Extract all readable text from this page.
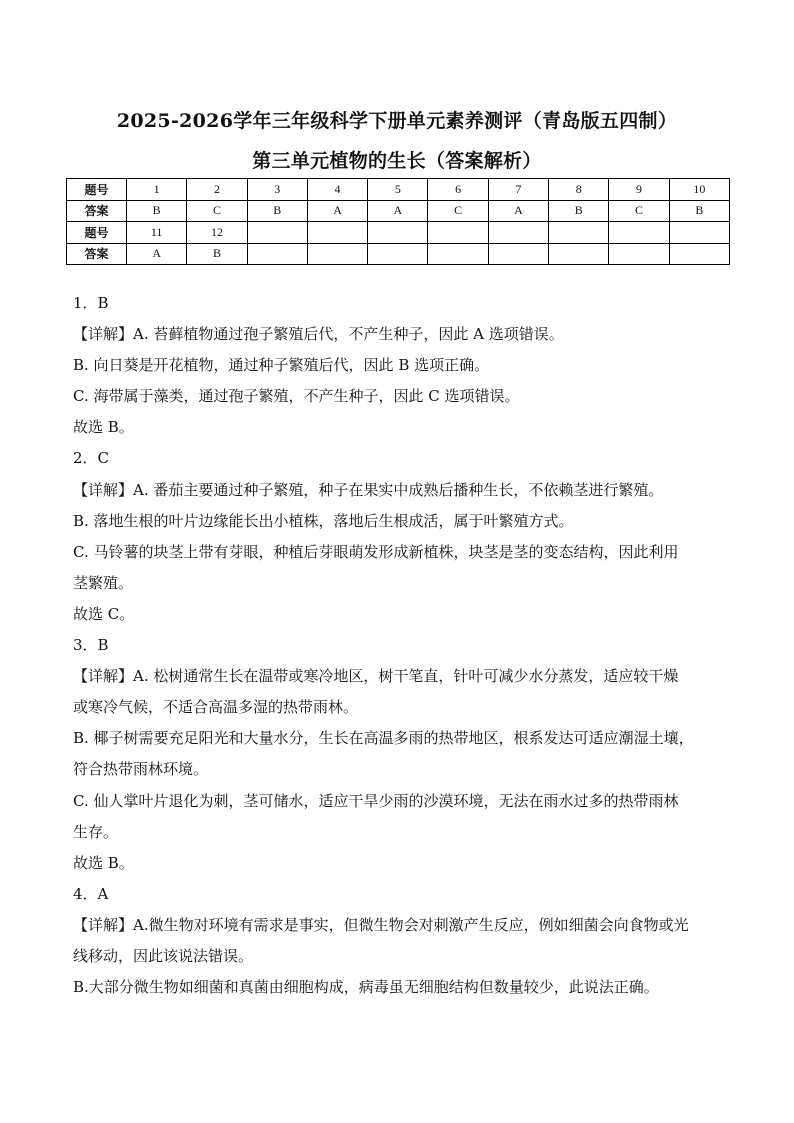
2025-2026学年三年级科学下册单元素养测评（青岛版五四制）
第三单元植物的生长（答案解析）
题号	1	2	3	4	5	6	7	8	9	10
答案	B	C	B	A	A	C	A	B	C	B
题号	11	12								
答案	A	B								
1．B
【详解】A. 苔藓植物通过孢子繁殖后代，不产生种子，因此 A 选项错误。
B. 向日葵是开花植物，通过种子繁殖后代，因此 B 选项正确。
C. 海带属于藻类，通过孢子繁殖，不产生种子，因此 C 选项错误。
故选 B。
2．C
【详解】A. 番茄主要通过种子繁殖，种子在果实中成熟后播种生长，不依赖茎进行繁殖。
B. 落地生根的叶片边缘能长出小植株，落地后生根成活，属于叶繁殖方式。
C. 马铃薯的块茎上带有芽眼，种植后芽眼萌发形成新植株，块茎是茎的变态结构，因此利用
茎繁殖。
故选 C。
3．B
【详解】A. 松树通常生长在温带或寒冷地区，树干笔直，针叶可减少水分蒸发，适应较干燥
或寒冷气候，不适合高温多湿的热带雨林。
B. 椰子树需要充足阳光和大量水分，生长在高温多雨的热带地区，根系发达可适应潮湿土壤，
符合热带雨林环境。
C. 仙人掌叶片退化为刺，茎可储水，适应干旱少雨的沙漠环境，无法在雨水过多的热带雨林
生存。
故选 B。
4．A
【详解】A.微生物对环境有需求是事实，但微生物会对刺激产生反应，例如细菌会向食物或光
线移动，因此该说法错误。
B.大部分微生物如细菌和真菌由细胞构成，病毒虽无细胞结构但数量较少，此说法正确。
